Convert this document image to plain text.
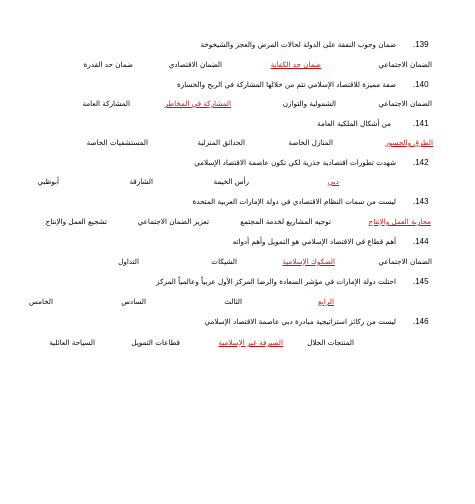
.139
ضمان وجوب النفقة على الدولة لحالات المرض والعجز والشيخوخة
الضمان الاجتماعي
ضمان حد الكفاية
الضمان الاقتصادي
ضمان حد القدرة
.140
صفة مميزة للاقتصاد الإسلامي تتم من خلالها المشاركة في الربح والخسارة
الضمان الاجتماعي
الشمولية والتوازن
المشاركة في المخاطر
المشاركة العامة
.141
من أشكال الملكية العامة
الطرق والجسور
المنازل الخاصة
الحدائق المنزلية
المستشفيات الخاصة
.142
شهدت تطورات اقتصادية جذرية لكي تكون عاصمة الاقتصاد الإسلامي
أبوظبي	الشارقة	رأس الخيمة	دبي
.143
ليست من سمات النظام الاقتصادي في دولة الإمارات العربية المتحدة
تشجيع العمل والإنتاج	تعزيز الضمان الاجتماعي	توجيه المشاريع لخدمة المجتمع	محاربة العمل والإنتاج
.144
أهم قطاع في الاقتصاد الإسلامي هو التمويل وأهم أدواته
الضمان الاجتماعي
الصكوك الإسلامية
الشيكات
التداول
.145
احتلت دولة الإمارات في مؤشر السعادة والرضا المركز الأول عربياً وعالمياً المركز
الخامس	السادس	الثالث	الرابع
.146
ليست من ركائز استراتيجية مبادرة دبي عاصمة الاقتصاد الإسلامي
السياحة العائلية	قطاعات التمويل	الصيرفة غير الإسلامية	المنتجات الحلال
